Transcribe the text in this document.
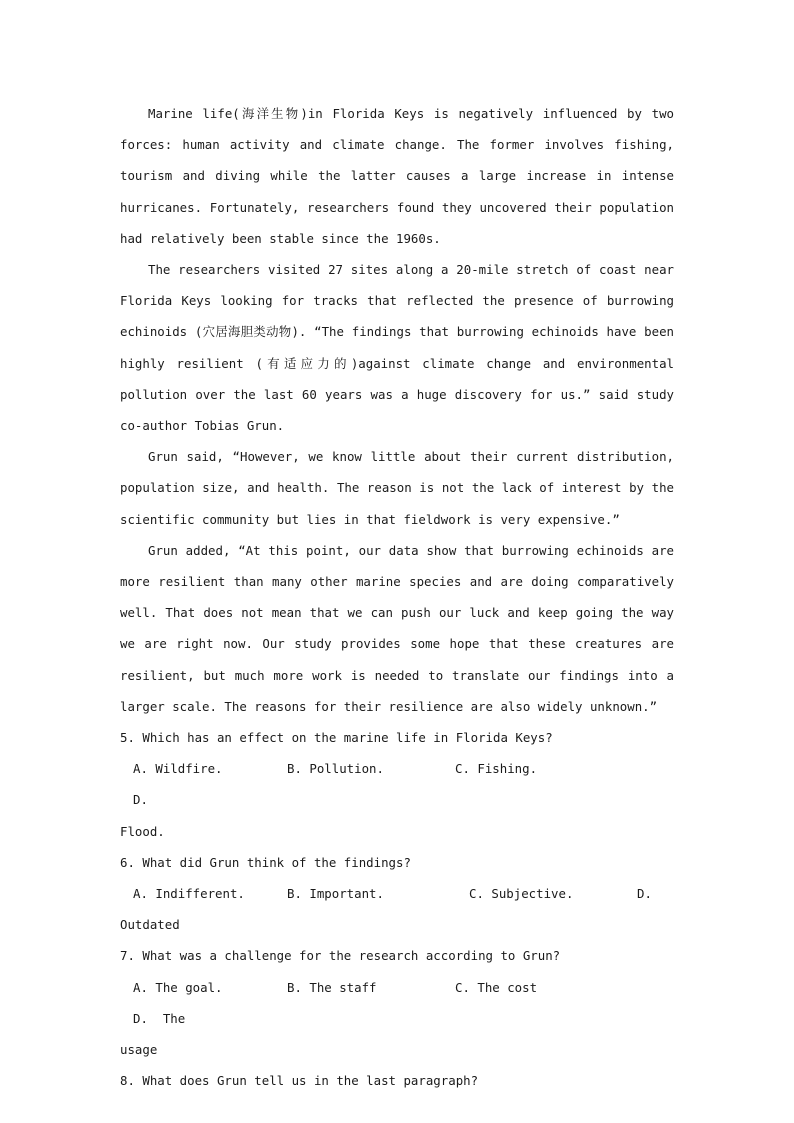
Marine life(海洋生物)in Florida Keys is negatively influenced by two forces: human activity and climate change. The former involves fishing, tourism and diving while the latter causes a large increase in intense hurricanes. Fortunately, researchers found they uncovered their population had relatively been stable since the 1960s.

The researchers visited 27 sites along a 20-mile stretch of coast near Florida Keys looking for tracks that reflected the presence of burrowing echinoids (穴居海胆类动物). “The findings that burrowing echinoids have been highly resilient (有适应力的)against climate change and environmental pollution over the last 60 years was a huge discovery for us.” said study co-author Tobias Grun.

Grun said, “However, we know little about their current distribution, population size, and health. The reason is not the lack of interest by the scientific community but lies in that fieldwork is very expensive.”

Grun added, “At this point, our data show that burrowing echinoids are more resilient than many other marine species and are doing comparatively well. That does not mean that we can push our luck and keep going the way we are right now. Our study provides some hope that these creatures are resilient, but much more work is needed to translate our findings into a larger scale. The reasons for their resilience are also widely unknown.”

5. Which has an effect on the marine life in Florida Keys?

A. Wildfire.	B. Pollution.	C. Fishing.
D.

Flood.

6. What did Grun think of the findings?

A. Indifferent.	B. Important.	C. Subjective.	D.

Outdated

7. What was a challenge for the research according to Grun?

A. The goal.	B. The staff	C. The cost
D.  The

usage

8. What does Grun tell us in the last paragraph?
